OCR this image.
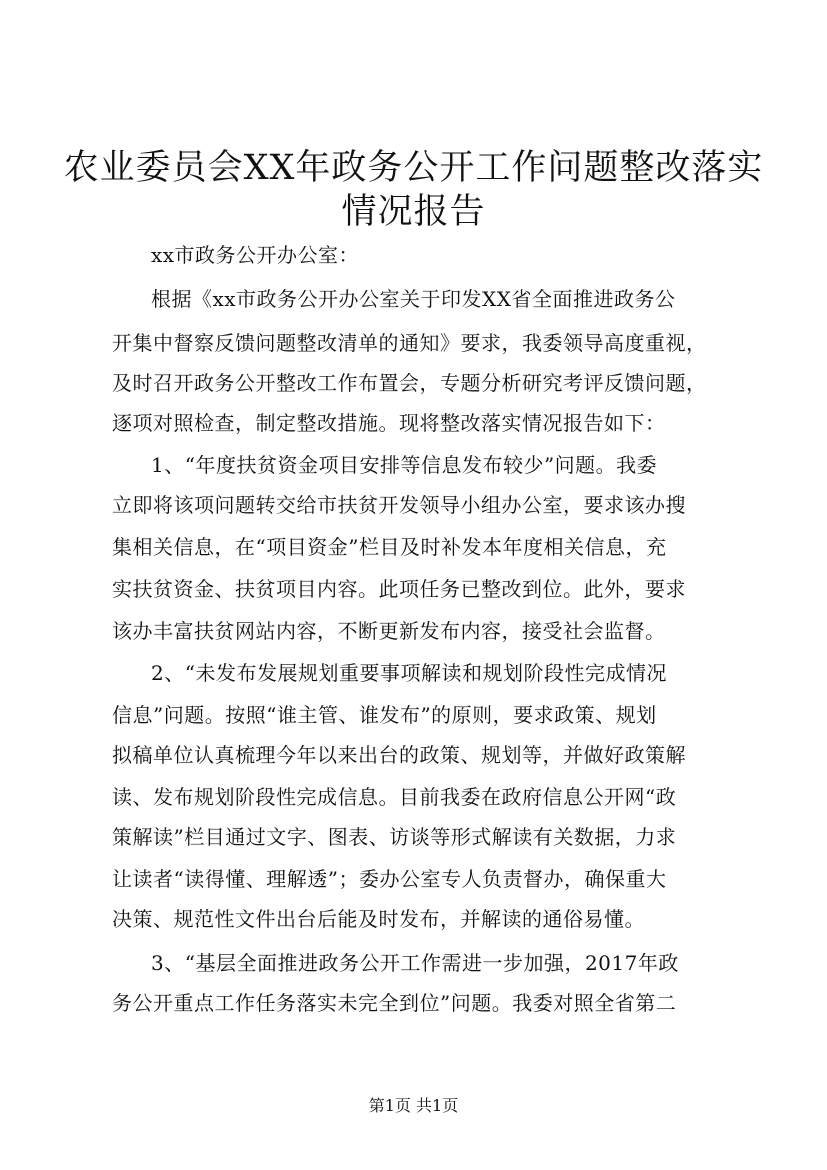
农业委员会XX年政务公开工作问题整改落实
情况报告
xx市政务公开办公室：
根据《xx市政务公开办公室关于印发XX省全面推进政务公
开集中督察反馈问题整改清单的通知》要求，我委领导高度重视，
及时召开政务公开整改工作布置会，专题分析研究考评反馈问题，
逐项对照检查，制定整改措施。现将整改落实情况报告如下：
1、“年度扶贫资金项目安排等信息发布较少”问题。我委
立即将该项问题转交给市扶贫开发领导小组办公室，要求该办搜
集相关信息，在“项目资金”栏目及时补发本年度相关信息，充
实扶贫资金、扶贫项目内容。此项任务已整改到位。此外，要求
该办丰富扶贫网站内容，不断更新发布内容，接受社会监督。
2、“未发布发展规划重要事项解读和规划阶段性完成情况
信息”问题。按照“谁主管、谁发布”的原则，要求政策、规划
拟稿单位认真梳理今年以来出台的政策、规划等，并做好政策解
读、发布规划阶段性完成信息。目前我委在政府信息公开网“政
策解读”栏目通过文字、图表、访谈等形式解读有关数据，力求
让读者“读得懂、理解透”；委办公室专人负责督办，确保重大
决策、规范性文件出台后能及时发布，并解读的通俗易懂。
3、“基层全面推进政务公开工作需进一步加强，2017年政
务公开重点工作任务落实未完全到位”问题。我委对照全省第二
第1页 共1页
